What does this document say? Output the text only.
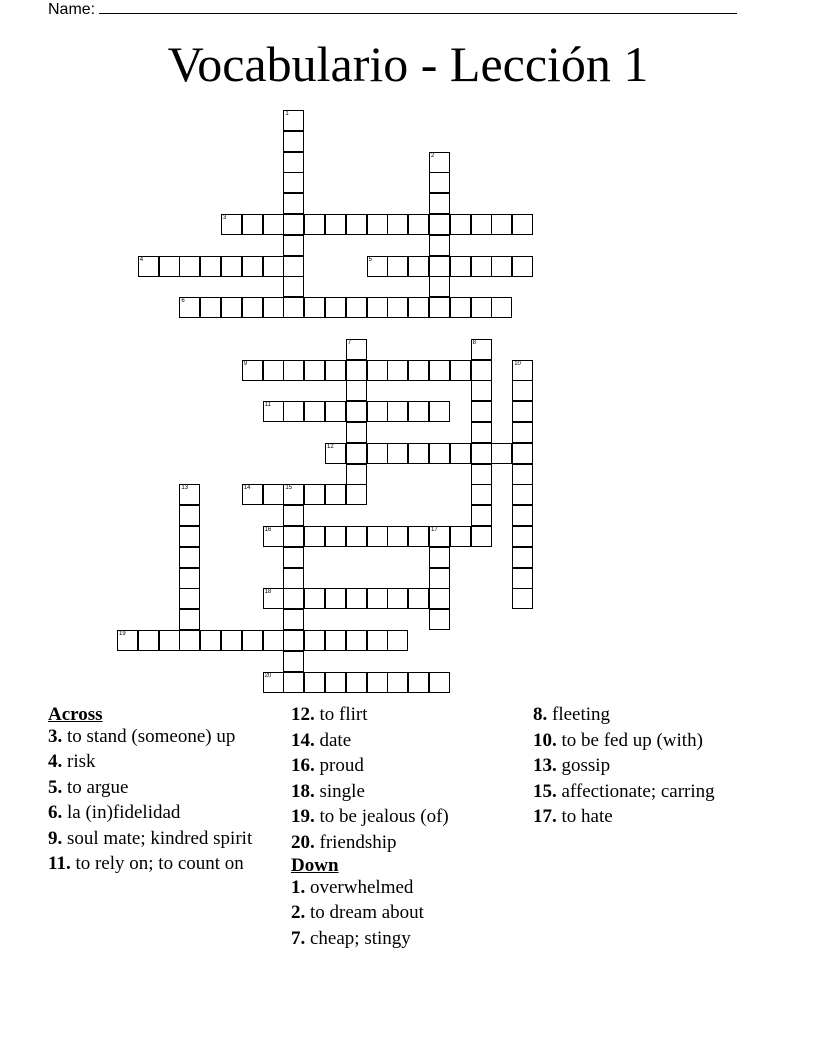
Name:
Vocabulario - Lección 1
1
2
3
4	5
6
7	8
9	10
11
12
13	14	15
16	17
18
19
20
Across
3. to stand (someone) up
4. risk
5. to argue
6. la (in)fidelidad
9. soul mate; kindred spirit
11. to rely on; to count on
12. to flirt
14. date
16. proud
18. single
19. to be jealous (of)
20. friendship
Down
1. overwhelmed
2. to dream about
7. cheap; stingy
8. fleeting
10. to be fed up (with)
13. gossip
15. affectionate; carring
17. to hate
